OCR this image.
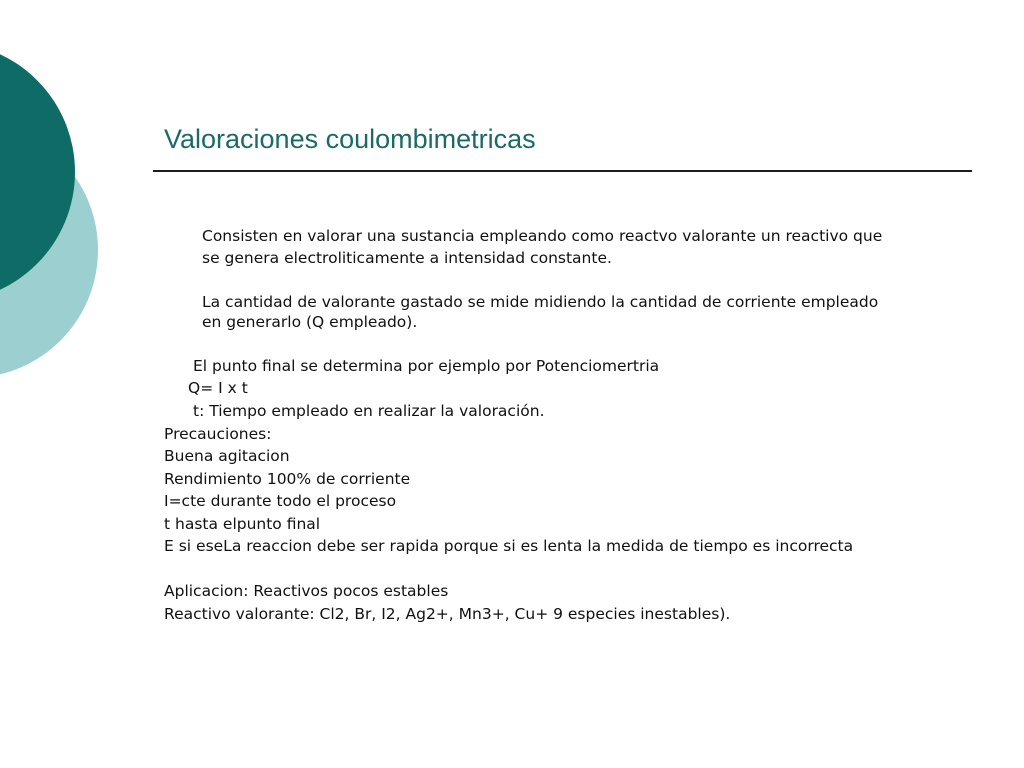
Valoraciones coulombimetricas

Consisten en valorar una sustancia empleando como reactvo valorante un reactivo que

se genera electroliticamente a intensidad constante.

La cantidad de valorante gastado se mide midiendo la cantidad de corriente empleado

en generarlo (Q empleado).

El punto final se determina por ejemplo por Potenciomertria

Q= I x t

t: Tiempo empleado en realizar la valoración.

Precauciones:

Buena agitacion

Rendimiento 100% de corriente

I=cte durante todo el proceso

t hasta elpunto final

E si eseLa reaccion debe ser rapida porque si es lenta la medida de tiempo es incorrecta

Aplicacion: Reactivos pocos estables

Reactivo valorante: Cl2, Br, I2, Ag2+, Mn3+, Cu+ 9 especies inestables).
